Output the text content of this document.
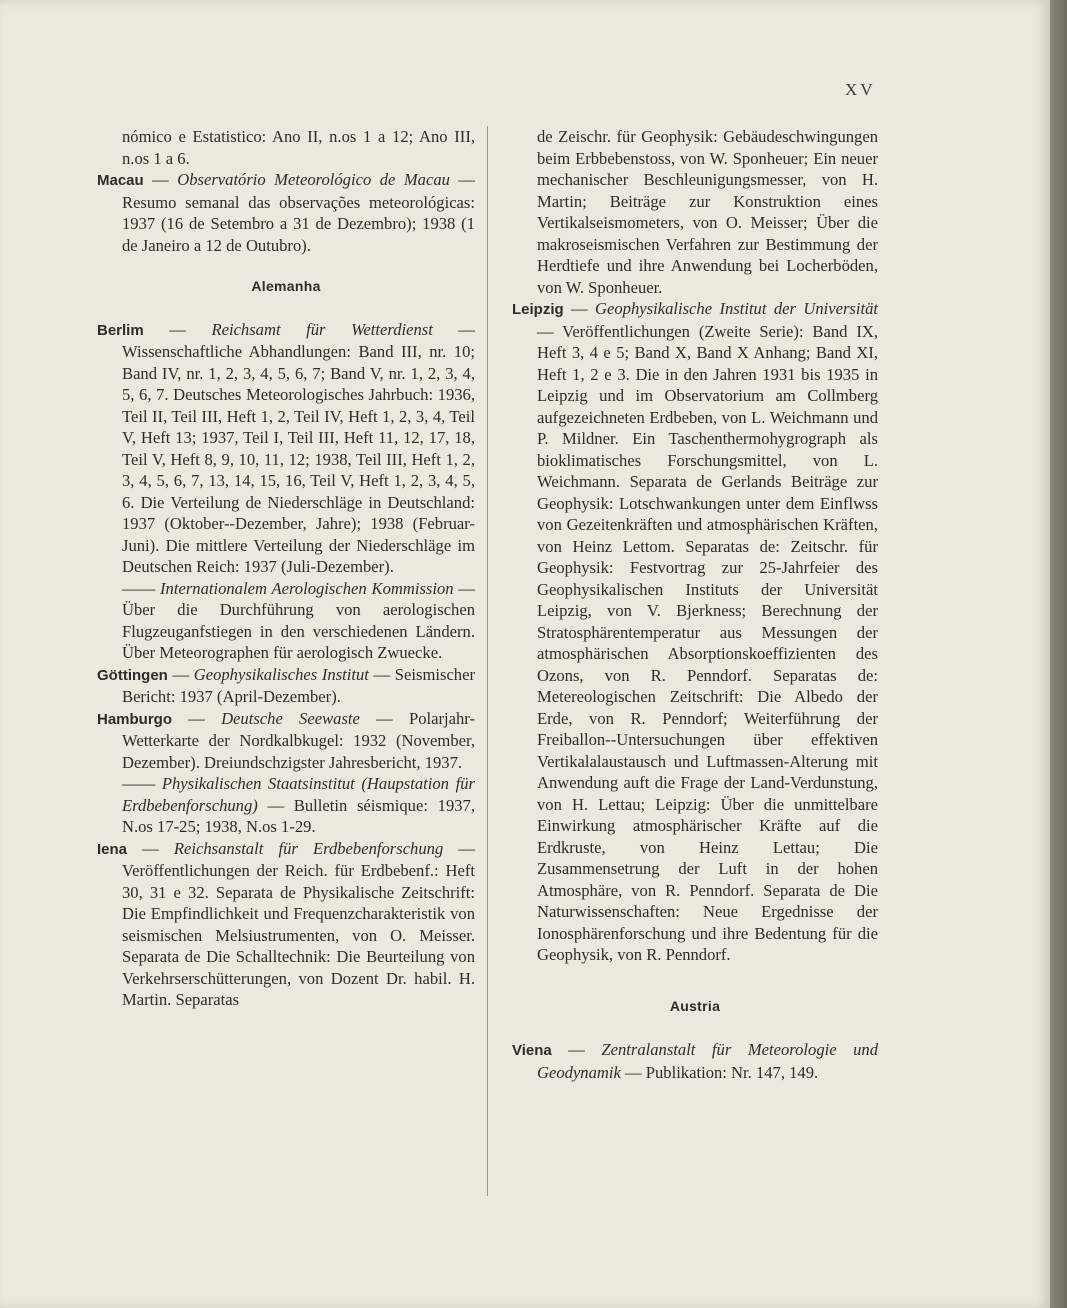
XV

nómico e Estatistico: Ano II, n.os 1 a 12; Ano III, n.os 1 a 6.

Macau — Observatório Meteorológico de Macau — Resumo semanal das observações meteorológicas: 1937 (16 de Setembro a 31 de Dezembro); 1938 (1 de Janeiro a 12 de Outubro).

Alemanha

Berlim — Reichsamt für Wetterdienst — Wissenschaftliche Abhandlungen: Band III, nr. 10; Band IV, nr. 1, 2, 3, 4, 5, 6, 7; Band V, nr. 1, 2, 3, 4, 5, 6, 7. Deutsches Meteorologisches Jahrbuch: 1936, Teil II, Teil III, Heft 1, 2, Teil IV, Heft 1, 2, 3, 4, Teil V, Heft 13; 1937, Teil I, Teil III, Heft 11, 12, 17, 18, Teil V, Heft 8, 9, 10, 11, 12; 1938, Teil III, Heft 1, 2, 3, 4, 5, 6, 7, 13, 14, 15, 16, Teil V, Heft 1, 2, 3, 4, 5, 6. Die Verteilung de Niederschläge in Deutschland: 1937 (Oktober--Dezember, Jahre); 1938 (Februar-Juni). Die mittlere Verteilung der Niederschläge im Deutschen Reich: 1937 (Juli-Dezember).

—— Internationalem Aerologischen Kommission — Über die Durchführung von aerologischen Flugzeuganfstiegen in den verschiedenen Ländern. Über Meteorographen für aerologisch Zwuecke.

Göttingen — Geophysikalisches Institut — Seismischer Bericht: 1937 (April-Dezember).

Hamburgo — Deutsche Seewaste — Polarjahr-Wetterkarte der Nordkalbkugel: 1932 (November, Dezember). Dreiundschzigster Jahresbericht, 1937.

—— Physikalischen Staatsinstitut (Haupstation für Erdbebenforschung) — Bulletin séismique: 1937, N.os 17-25; 1938, N.os 1-29.

Iena — Reichsanstalt für Erdbebenforschung — Veröffentlichungen der Reich. für Erdbebenf.: Heft 30, 31 e 32. Separata de Physikalische Zeitschrift: Die Empfindlichkeit und Frequenzcharakteristik von seismischen Melsiustrumenten, von O. Meisser. Separata de Die Schalltechnik: Die Beurteilung von Verkehrserschütterungen, von Dozent Dr. habil. H. Martin. Separatas

de Zeischr. für Geophysik: Gebäudeschwingungen beim Erbbebenstoss, von W. Sponheuer; Ein neuer mechanischer Beschleunigungsmesser, von H. Martin; Beiträge zur Konstruktion eines Vertikalseismometers, von O. Meisser; Über die makroseismischen Verfahren zur Bestimmung der Herdtiefe und ihre Anwendung bei Locherböden, von W. Sponheuer.

Leipzig — Geophysikalische Institut der Universität — Veröffentlichungen (Zweite Serie): Band IX, Heft 3, 4 e 5; Band X, Band X Anhang; Band XI, Heft 1, 2 e 3. Die in den Jahren 1931 bis 1935 in Leipzig und im Observatorium am Collmberg aufgezeichneten Erdbeben, von L. Weichmann und P. Mildner. Ein Taschenthermohygrograph als bioklimatisches Forschungsmittel, von L. Weichmann. Separata de Gerlands Beiträge zur Geophysik: Lotschwankungen unter dem Einflwss von Gezeitenkräften und atmosphärischen Kräften, von Heinz Lettom. Separatas de: Zeitschr. für Geophysik: Festvortrag zur 25-Jahrfeier des Geophysikalischen Instituts der Universität Leipzig, von V. Bjerkness; Berechnung der Stratosphärentemperatur aus Messungen der atmosphärischen Absorptionskoeffizienten des Ozons, von R. Penndorf. Separatas de: Metereologischen Zeitschrift: Die Albedo der Erde, von R. Penndorf; Weiterführung der Freiballon--Untersuchungen über effektiven Vertikalalaustausch und Luftmassen-Alterung mit Anwendung auft die Frage der Land-Verdunstung, von H. Lettau; Leipzig: Über die unmittelbare Einwirkung atmosphärischer Kräfte auf die Erdkruste, von Heinz Lettau; Die Zusammensetrung der Luft in der hohen Atmosphäre, von R. Penndorf. Separata de Die Naturwissenschaften: Neue Ergednisse der Ionosphärenforschung und ihre Bedentung für die Geophysik, von R. Penndorf.

Austria

Viena — Zentralanstalt für Meteorologie und Geodynamik — Publikation: Nr. 147, 149.
